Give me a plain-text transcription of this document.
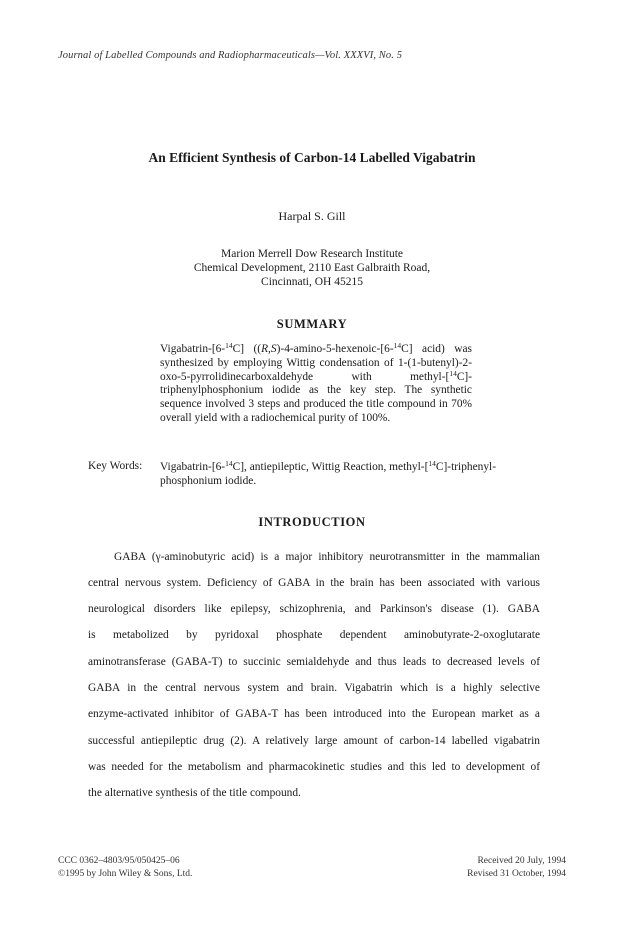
Journal of Labelled Compounds and Radiopharmaceuticals—Vol. XXXVI, No. 5
An Efficient Synthesis of Carbon-14 Labelled Vigabatrin
Harpal S. Gill
Marion Merrell Dow Research Institute
Chemical Development, 2110 East Galbraith Road,
Cincinnati, OH 45215
SUMMARY
Vigabatrin-[6-$^{14}$C] ((R,S)-4-amino-5-hexenoic-[6-$^{14}$C] acid) was synthesized by employing Wittig condensation of 1-(1-butenyl)-2-oxo-5-pyrrolidinecarboxaldehyde with methyl-[$^{14}$C]-triphenylphosphonium iodide as the key step. The synthetic sequence involved 3 steps and produced the title compound in 70% overall yield with a radiochemical purity of 100%.
Key Words: Vigabatrin-[6-$^{14}$C], antiepileptic, Wittig Reaction, methyl-[$^{14}$C]-triphenyl-phosphonium iodide.
INTRODUCTION
GABA (γ-aminobutyric acid) is a major inhibitory neurotransmitter in the mammalian
central nervous system. Deficiency of GABA in the brain has been associated with various
neurological disorders like epilepsy, schizophrenia, and Parkinson's disease (1). GABA
is metabolized by pyridoxal phosphate dependent aminobutyrate-2-oxoglutarate
aminotransferase (GABA-T) to succinic semialdehyde and thus leads to decreased levels of
GABA in the central nervous system and brain. Vigabatrin which is a highly selective
enzyme-activated inhibitor of GABA-T has been introduced into the European market as a
successful antiepileptic drug (2). A relatively large amount of carbon-14 labelled vigabatrin
was needed for the metabolism and pharmacokinetic studies and this led to development of
the alternative synthesis of the title compound.
CCC 0362–4803/95/050425–06
©1995 by John Wiley & Sons, Ltd.
Received 20 July, 1994
Revised 31 October, 1994
